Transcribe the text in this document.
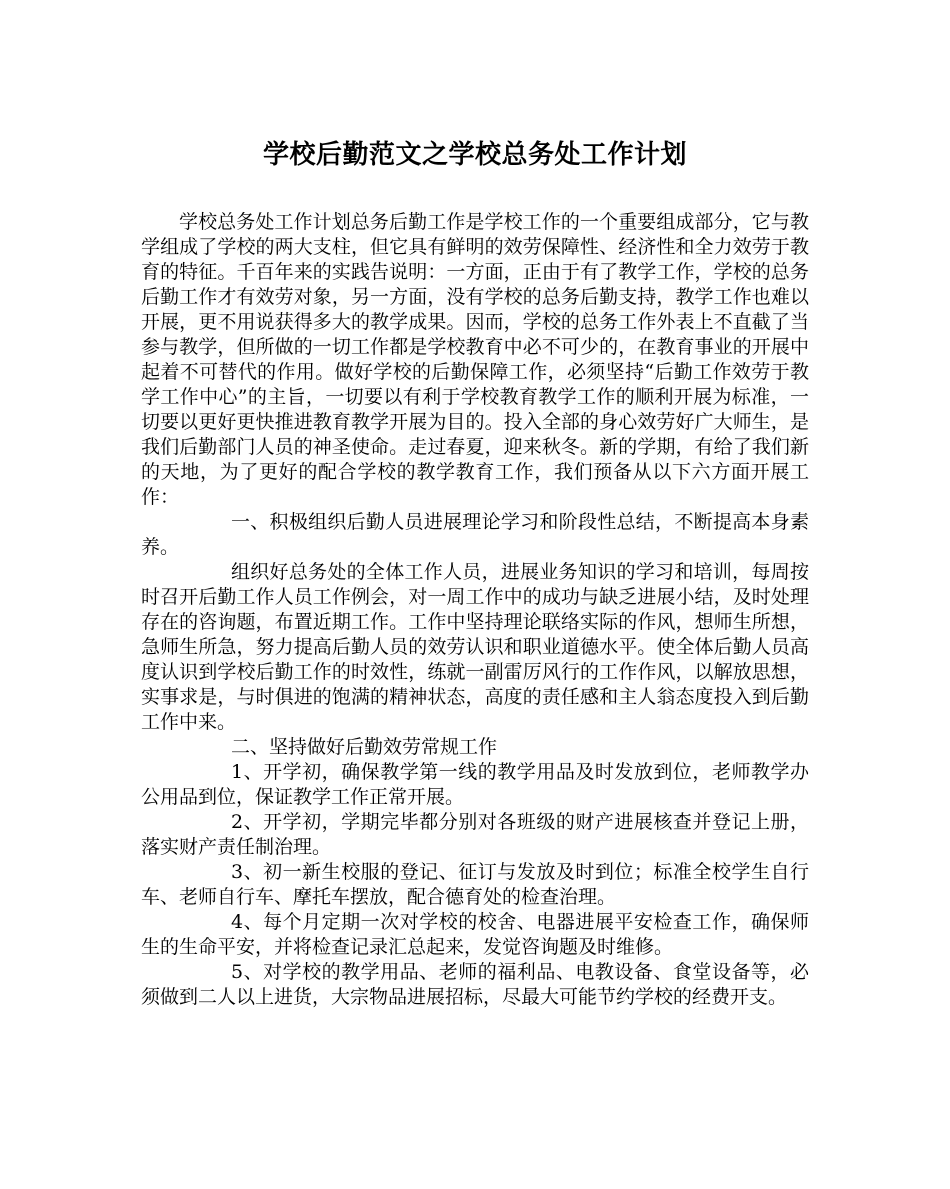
学校后勤范文之学校总务处工作计划

学校总务处工作计划总务后勤工作是学校工作的一个重要组成部分，它与教学组成了学校的两大支柱，但它具有鲜明的效劳保障性、经济性和全力效劳于教育的特征。千百年来的实践告说明：一方面，正由于有了教学工作，学校的总务后勤工作才有效劳对象，另一方面，没有学校的总务后勤支持，教学工作也难以开展，更不用说获得多大的教学成果。因而，学校的总务工作外表上不直截了当参与教学，但所做的一切工作都是学校教育中必不可少的，在教育事业的开展中起着不可替代的作用。做好学校的后勤保障工作，必须坚持“后勤工作效劳于教学工作中心”的主旨，一切要以有利于学校教育教学工作的顺利开展为标准，一切要以更好更快推进教育教学开展为目的。投入全部的身心效劳好广大师生，是我们后勤部门人员的神圣使命。走过春夏，迎来秋冬。新的学期，有给了我们新的天地，为了更好的配合学校的教学教育工作，我们预备从以下六方面开展工作：

一、积极组织后勤人员进展理论学习和阶段性总结，不断提高本身素养。

组织好总务处的全体工作人员，进展业务知识的学习和培训，每周按时召开后勤工作人员工作例会，对一周工作中的成功与缺乏进展小结，及时处理存在的咨询题，布置近期工作。工作中坚持理论联络实际的作风，想师生所想，急师生所急，努力提高后勤人员的效劳认识和职业道德水平。使全体后勤人员高度认识到学校后勤工作的时效性，练就一副雷厉风行的工作作风，以解放思想，实事求是，与时俱进的饱满的精神状态，高度的责任感和主人翁态度投入到后勤工作中来。

二、坚持做好后勤效劳常规工作

1、开学初，确保教学第一线的教学用品及时发放到位，老师教学办公用品到位，保证教学工作正常开展。

2、开学初，学期完毕都分别对各班级的财产进展核查并登记上册，落实财产责任制治理。

3、初一新生校服的登记、征订与发放及时到位；标准全校学生自行车、老师自行车、摩托车摆放，配合德育处的检查治理。

4、每个月定期一次对学校的校舍、电器进展平安检查工作，确保师生的生命平安，并将检查记录汇总起来，发觉咨询题及时维修。

5、对学校的教学用品、老师的福利品、电教设备、食堂设备等，必须做到二人以上进货，大宗物品进展招标，尽最大可能节约学校的经费开支。
